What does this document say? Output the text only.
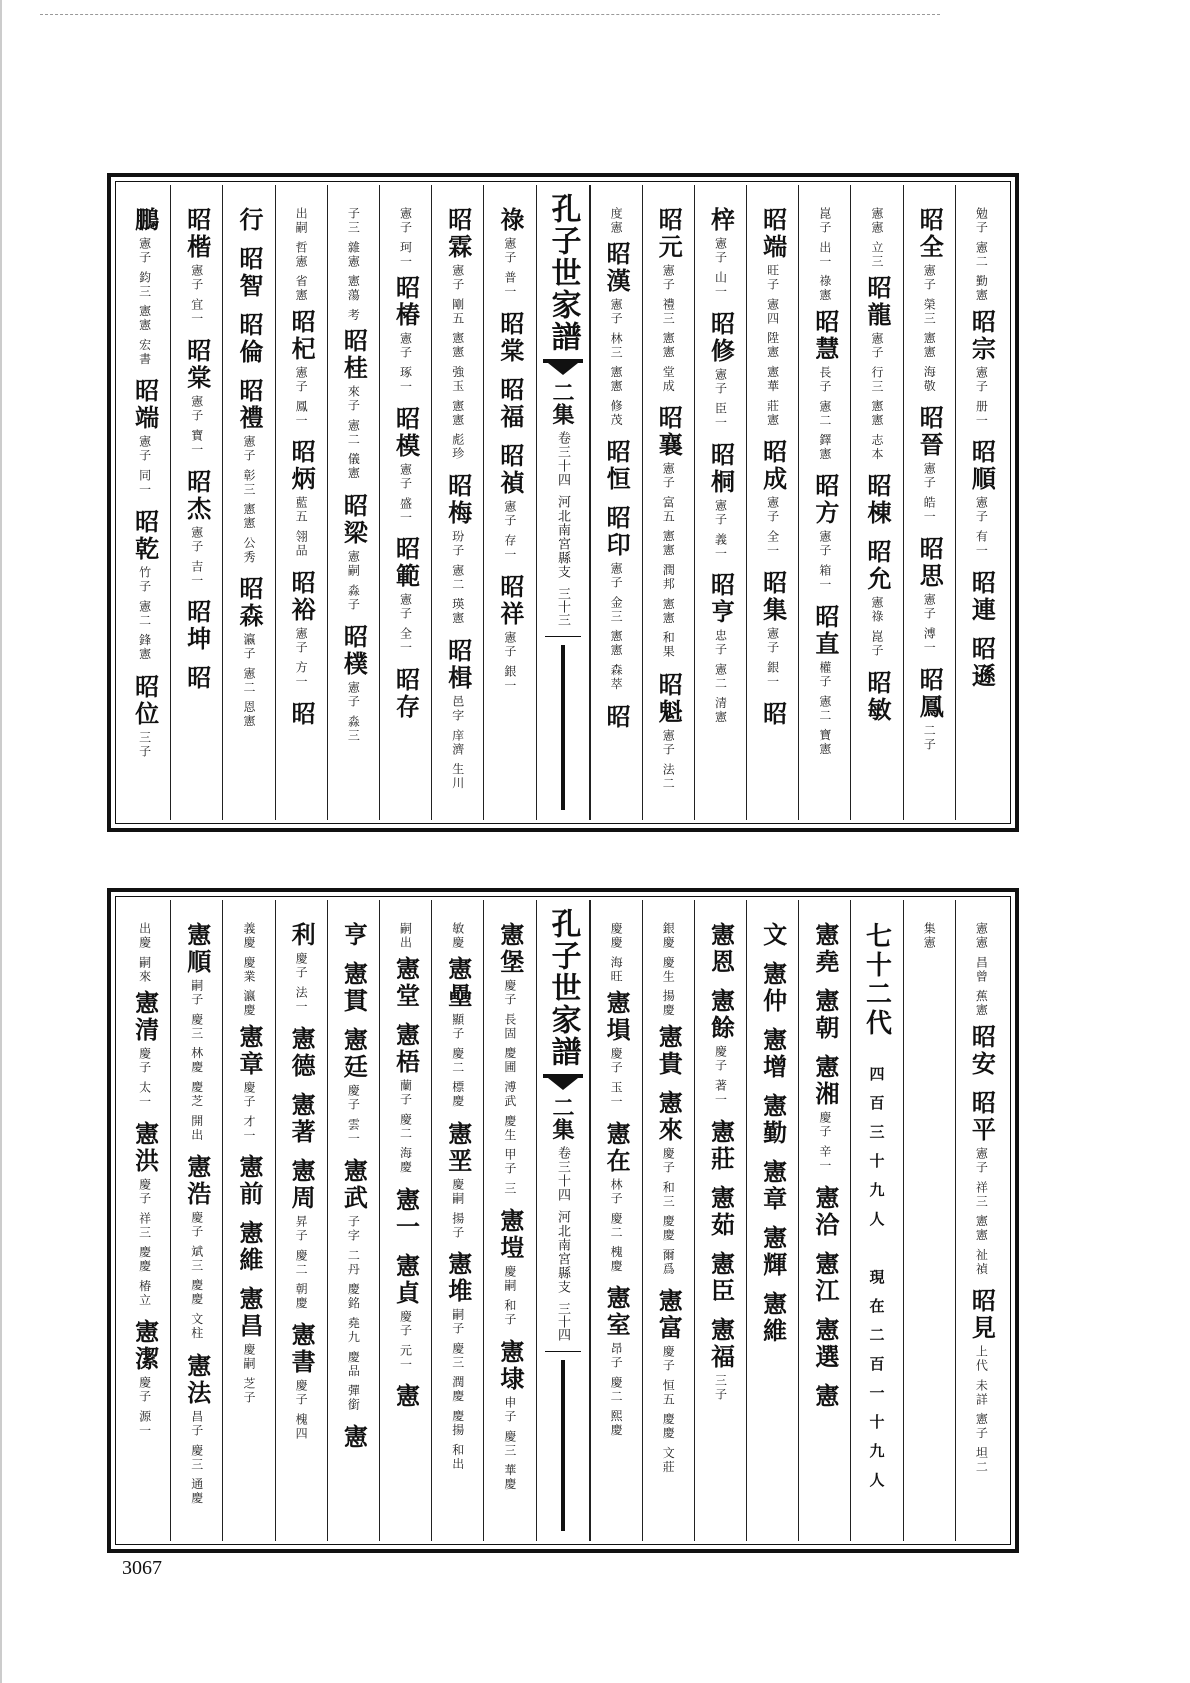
勉子 憲二 勤憲
昭宗
憲子 册一
昭順
憲子 有一
昭連
昭遜
昭全
憲子 榮三 憲憲 海敬
昭晉
憲子 皓一
昭思
憲子 溥一
昭鳳
二子
憲憲 立三
昭龍
憲子 行三 憲憲 志本
昭棟
昭允
憲祿 崑子
昭敏
崑子 出一 祿憲
昭慧
長子 憲二 鐸憲
昭方
憲子 箱一
昭直
權子 憲二 寶憲
昭端
旺子 憲四 陞憲 憲華 莊憲
昭成
憲子 全一
昭集
憲子 銀一
昭
梓
憲子 山一
昭修
憲子 臣一
昭桐
憲子 義一
昭亨
忠子 憲二 清憲
昭元
憲子 禮三 憲憲 堂成
昭襄
憲子 富五 憲憲 潤邦 憲憲 和果
昭魁
憲子 法二
度憲
昭漢
憲子 林三 憲憲 修茂
昭恒
昭印
憲子 金三 憲憲 森萃
昭
孔子世家譜
二集
卷三十四
河北南宮縣支
三十三
祿
憲子 普一
昭棠
昭福
昭禎
憲子 存一
昭祥
憲子 銀一
昭霖
憲子 剛五 憲憲 強玉 憲憲 彪珍
昭梅
玢子 憲二 瑛憲
昭楫
邑字 庠濟 生川
憲子 珂一
昭椿
憲子 琢一
昭模
憲子 盛一
昭範
憲子 全一
昭存
子三 雜憲 憲蕩 考
昭桂
來子 憲二 儀憲
昭梁
憲嗣 淼子
昭樸
憲子 淼三
出嗣 哲憲 省憲
昭杞
憲子 鳳一
昭炳
藍五 翎品
昭裕
憲子 方一
昭
行
昭智
昭倫
昭禮
憲子 彰三 憲憲 公秀
昭森
瀛子 憲二 恩憲
昭楷
憲子 宜一
昭棠
憲子 寶一
昭杰
憲子 吉一
昭坤
昭
鵬
憲子 鈞三 憲憲 宏書
昭端
憲子 同一
昭乾
竹子 憲二 鋒憲
昭位
三子
憲憲 昌曾 蕉憲
昭安
昭平
憲子 祥三 憲憲 祉禎
昭見
上代 未詳 憲子 坦二
集憲
七十二代
四百三十九人　現在二百一十九人
憲堯
憲朝
憲湘
慶子 辛一
憲洽
憲江
憲選
憲
文
憲仲
憲增
憲勤
憲章
憲輝
憲維
憲恩
憲餘
慶子 著一
憲莊
憲茹
憲臣
憲福
三子
銀慶 慶生 揚慶
憲貴
憲來
慶子 和三 慶慶 爾爲
憲富
慶子 恒五 慶慶 文莊
慶慶 海旺
憲塤
慶子 玉一
憲在
林子 慶二 槐慶
憲室
昂子 慶二 熙慶
孔子世家譜
二集
卷三十四
河北南宮縣支
三十四
憲堡
慶子 長固 慶圃 溥武 慶生 甲子 三
憲塏
慶嗣 和子
憲埭
申子 慶三 華慶
敏慶
憲壘
顯子 慶二 標慶
憲垩
慶嗣 揚子
憲堆
嗣子 慶三 潤慶 慶揚 和出
嗣出
憲堂
憲梧
蘭子 慶二 海慶
憲一
憲貞
慶子 元一
憲
亨
憲貫
憲廷
慶子 雲一
憲武
子字 二丹 慶銘 堯九 慶品 彈銜
憲
利
慶子 法一
憲德
憲著
憲周
昇子 慶二 朝慶
憲書
慶子 槐四
義慶 慶業 瀛慶
憲章
慶子 才一
憲前
憲維
憲昌
慶嗣 芝子
憲順
嗣子 慶三 林慶 慶芝 開出
憲浩
慶子 斌三 慶慶 文柱
憲法
昌子 慶三 通慶
出慶 嗣來
憲清
慶子 太一
憲洪
慶子 祥三 慶慶 椿立
憲潔
慶子 源一
3067
